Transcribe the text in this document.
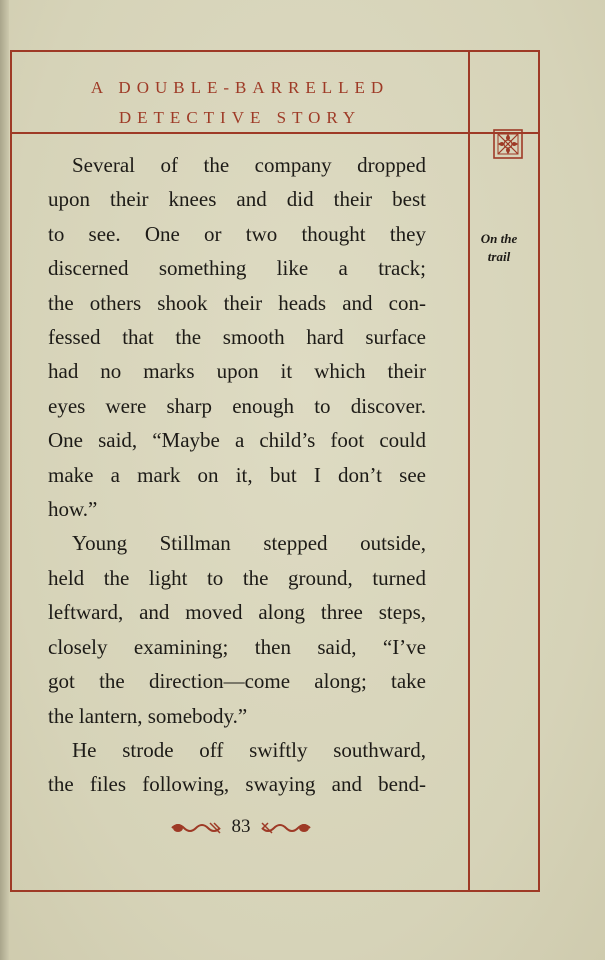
A DOUBLE-BARRELLED
DETECTIVE STORY
On the
trail

Several of the company dropped

upon their knees and did their best

to see. One or two thought they

discerned something like a track;

the others shook their heads and con-

fessed that the smooth hard surface

had no marks upon it which their

eyes were sharp enough to discover.

One said, “Maybe a child’s foot could

make a mark on it, but I don’t see

how.”

Young Stillman stepped outside,

held the light to the ground, turned

leftward, and moved along three steps,

closely examining; then said, “I’ve

got the direction—come along; take

the lantern, somebody.”

He strode off swiftly southward,

the files following, swaying and bend-

83
